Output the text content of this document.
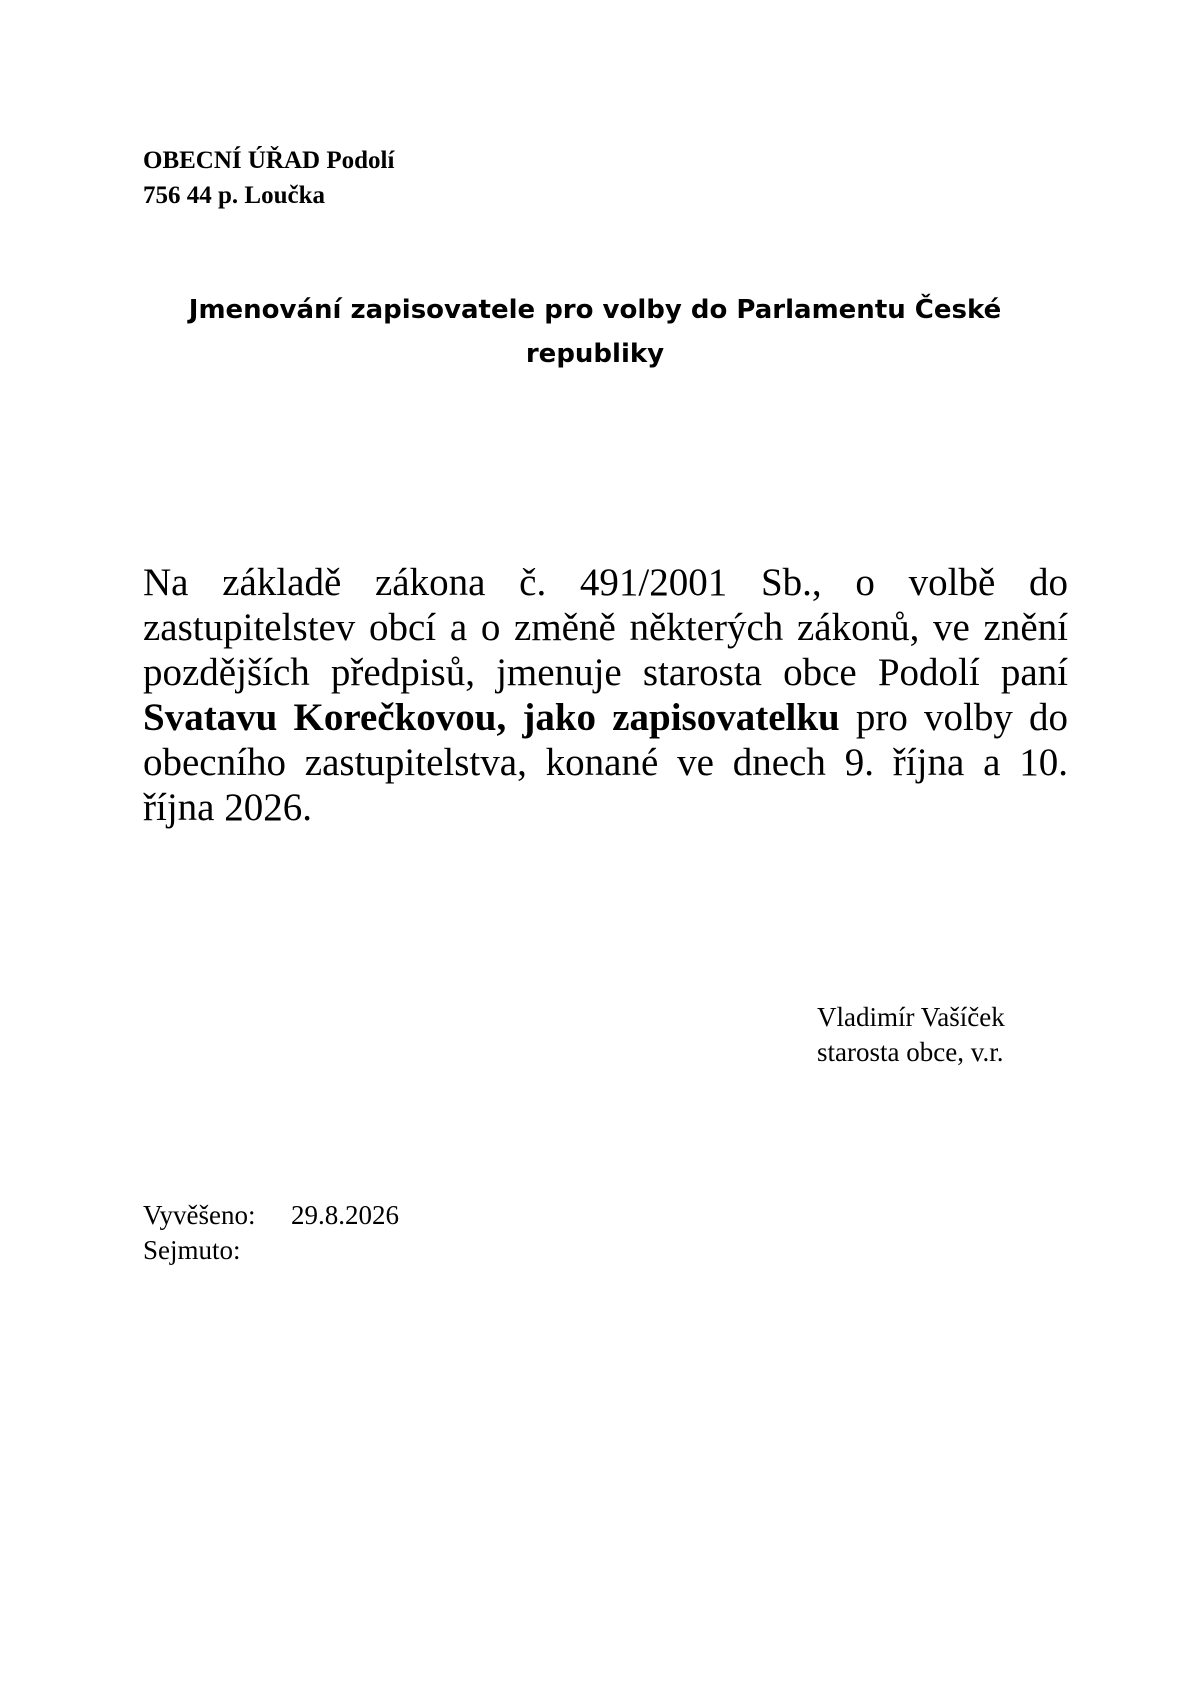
OBECNÍ ÚŘAD Podolí
756 44 p. Loučka
Jmenování zapisovatele pro volby do Parlamentu České republiky
Na základě zákona č. 491/2001 Sb., o volbě do zastupitelstev obcí a o změně některých zákonů, ve znění pozdějších předpisů, jmenuje starosta obce Podolí paní Svatavu Korečkovou, jako zapisovatelku pro volby do obecního zastupitelstva, konané ve dnech 9. října a 10. října 2026.
Vladimír Vašíček
starosta obce, v.r.
Vyvěšeno:	29.8.2026
Sejmuto:
